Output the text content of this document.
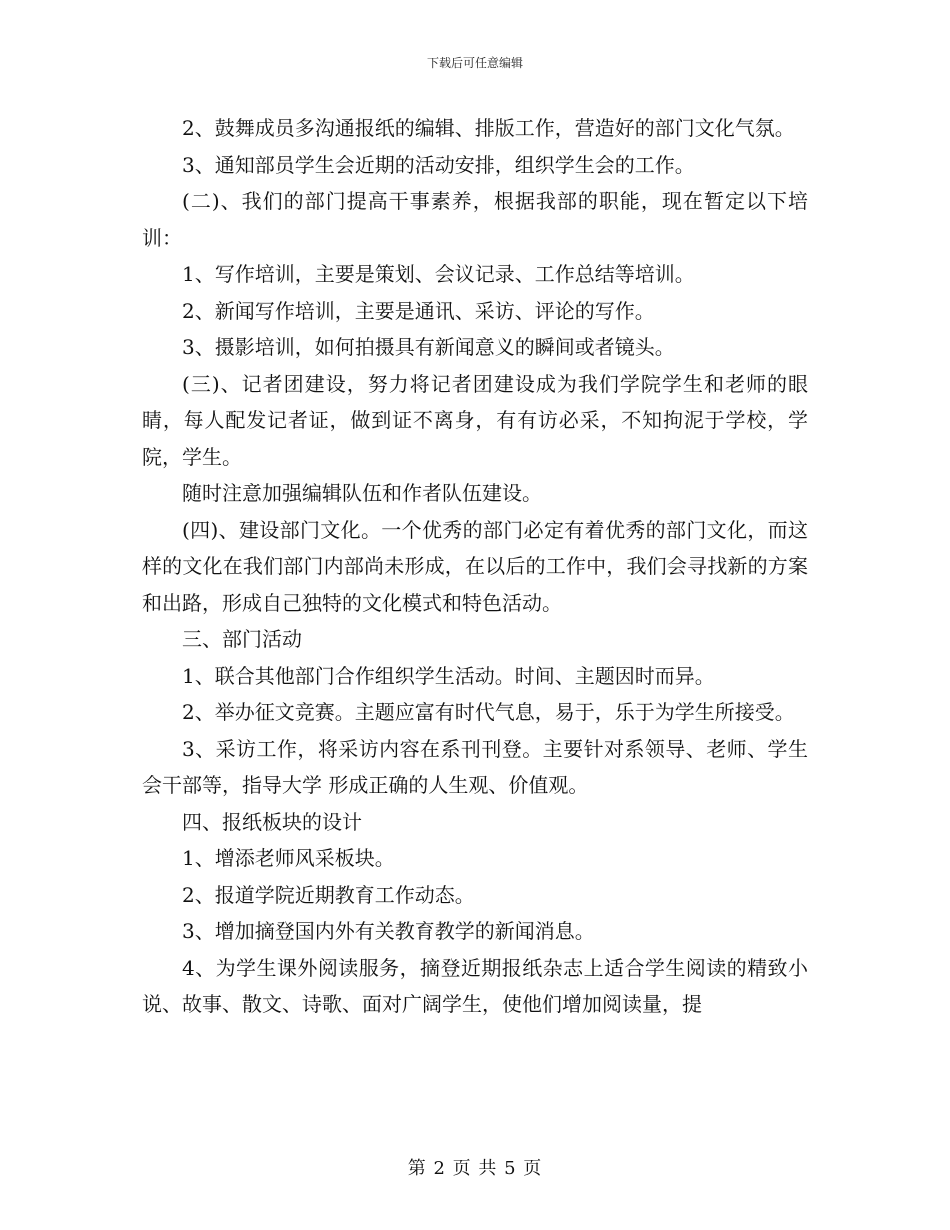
下载后可任意编辑

2、鼓舞成员多沟通报纸的编辑、排版工作，营造好的部门文化气氛。

3、通知部员学生会近期的活动安排，组织学生会的工作。

(二)、我们的部门提高干事素养，根据我部的职能，现在暂定以下培训：

1、写作培训，主要是策划、会议记录、工作总结等培训。

2、新闻写作培训，主要是通讯、采访、评论的写作。

3、摄影培训，如何拍摄具有新闻意义的瞬间或者镜头。

(三)、记者团建设，努力将记者团建设成为我们学院学生和老师的眼睛，每人配发记者证，做到证不离身，有有访必采，不知拘泥于学校，学院，学生。

随时注意加强编辑队伍和作者队伍建设。

(四)、建设部门文化。一个优秀的部门必定有着优秀的部门文化，而这样的文化在我们部门内部尚未形成，在以后的工作中，我们会寻找新的方案和出路，形成自己独特的文化模式和特色活动。

三、部门活动

1、联合其他部门合作组织学生活动。时间、主题因时而异。

2、举办征文竞赛。主题应富有时代气息，易于，乐于为学生所接受。

3、采访工作，将采访内容在系刊刊登。主要针对系领导、老师、学生会干部等，指导大学 形成正确的人生观、价值观。

四、报纸板块的设计

1、增添老师风采板块。

2、报道学院近期教育工作动态。

3、增加摘登国内外有关教育教学的新闻消息。

4、为学生课外阅读服务，摘登近期报纸杂志上适合学生阅读的精致小说、故事、散文、诗歌、面对广阔学生，使他们增加阅读量，提

第 2 页 共 5 页
